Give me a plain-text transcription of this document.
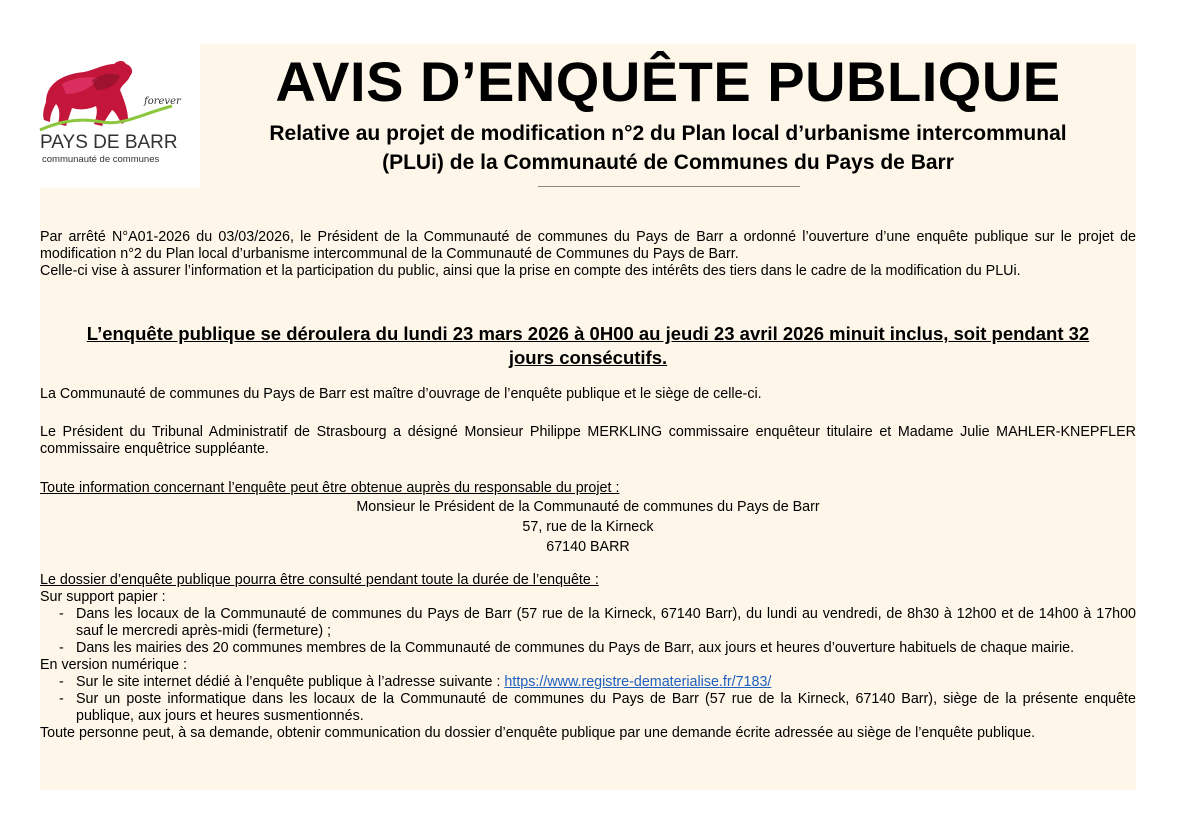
forever
PAYS DE BARR
communauté de communes
AVIS D’ENQUÊTE PUBLIQUE
Relative au projet de modification n°2 du Plan local d’urbanisme intercommunal
(PLUi) de la Communauté de Communes du Pays de Barr

Par arrêté N°A01-2026 du 03/03/2026, le Président de la Communauté de communes du Pays de Barr a ordonné l’ouverture d’une enquête publique sur le projet de modification n°2 du Plan local d’urbanisme intercommunal de la Communauté de Communes du Pays de Barr.

Celle-ci vise à assurer l’information et la participation du public, ainsi que la prise en compte des intérêts des tiers dans le cadre de la modification du PLUi.

L’enquête publique se déroulera du lundi 23 mars 2026 à 0H00 au jeudi 23 avril 2026 minuit inclus, soit pendant 32
jours consécutifs.

La Communauté de communes du Pays de Barr est maître d’ouvrage de l’enquête publique et le siège de celle-ci.

Le Président du Tribunal Administratif de Strasbourg a désigné Monsieur Philippe MERKLING commissaire enquêteur titulaire et Madame Julie MAHLER-KNEPFLER commissaire enquêtrice suppléante.

Toute information concernant l’enquête peut être obtenue auprès du responsable du projet :

Monsieur le Président de la Communauté de communes du Pays de Barr

57, rue de la Kirneck

67140 BARR

Le dossier d’enquête publique pourra être consulté pendant toute la durée de l’enquête :

Sur support papier :

- Dans les locaux de la Communauté de communes du Pays de Barr (57 rue de la Kirneck, 67140 Barr), du lundi au vendredi, de 8h30 à 12h00 et de 14h00 à 17h00 sauf le mercredi après-midi (fermeture) ;
- Dans les mairies des 20 communes membres de la Communauté de communes du Pays de Barr, aux jours et heures d’ouverture habituels de chaque mairie.

En version numérique :

- Sur le site internet dédié à l’enquête publique à l’adresse suivante : https://www.registre-dematerialise.fr/7183/
- Sur un poste informatique dans les locaux de la Communauté de communes du Pays de Barr (57 rue de la Kirneck, 67140 Barr), siège de la présente enquête publique, aux jours et heures susmentionnés.

Toute personne peut, à sa demande, obtenir communication du dossier d’enquête publique par une demande écrite adressée au siège de l’enquête publique.
